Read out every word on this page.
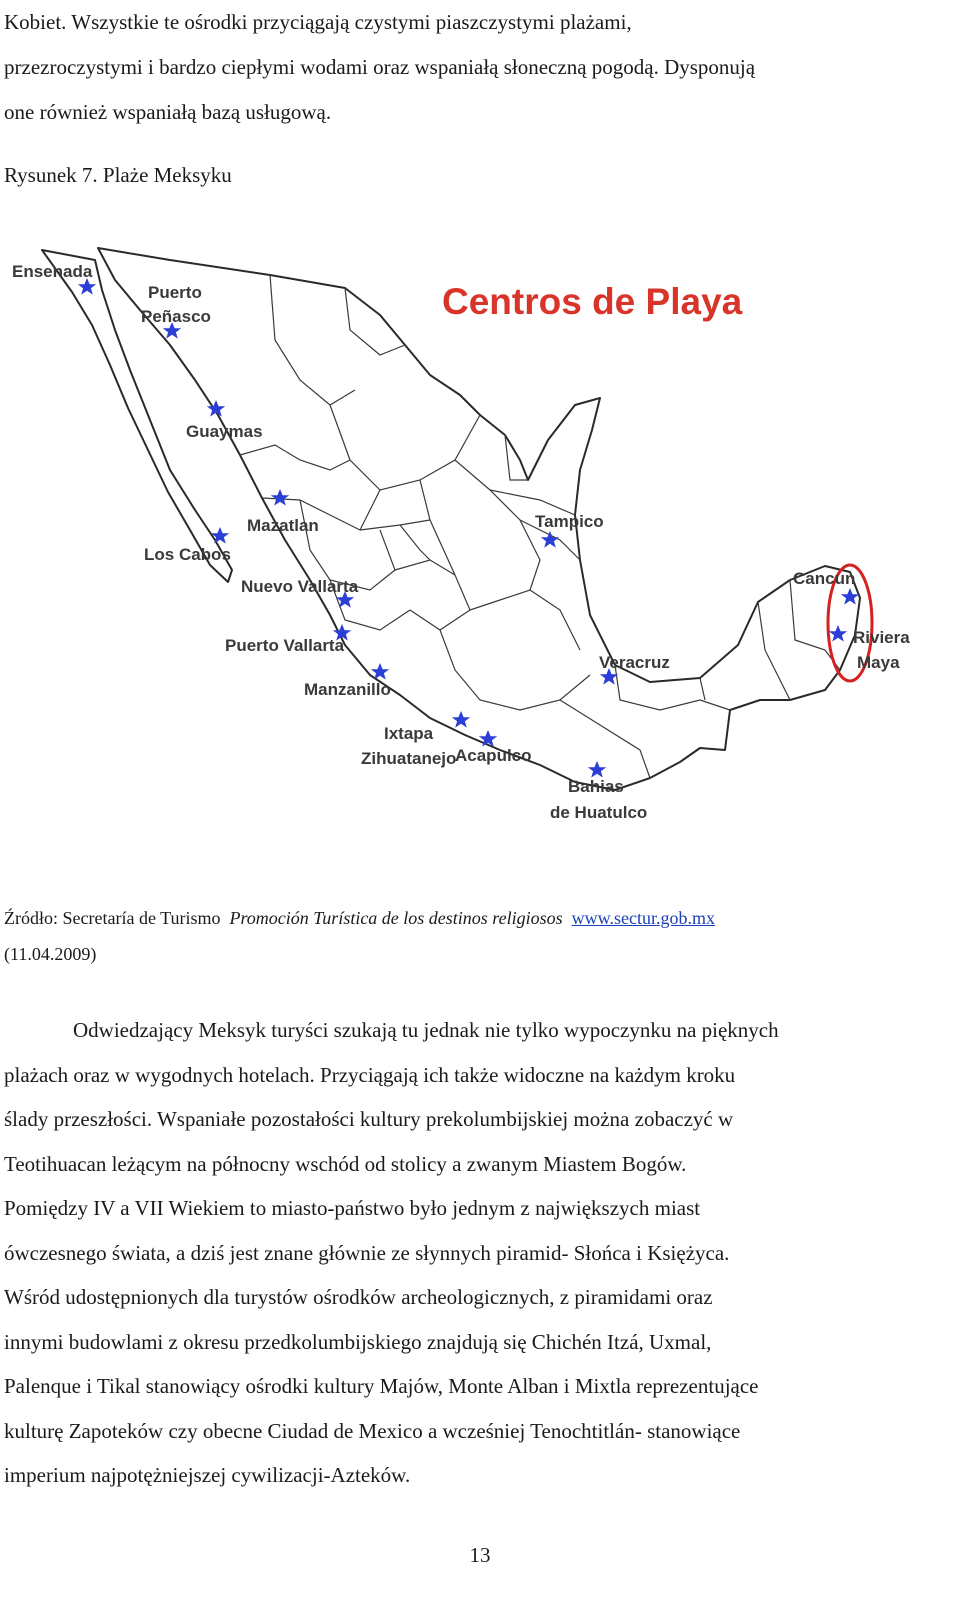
Kobiet. Wszystkie te ośrodki przyciągają czystymi piaszczystymi plażami,
przezroczystymi i bardzo ciepłymi wodami oraz wspaniałą słoneczną pogodą. Dysponują
one również wspaniałą bazą usługową.
Rysunek 7. Plaże Meksyku
Centros de Playa
Ensenada
Puerto
Peñasco
Guaymas
Mazatlan
Los Cabos
Nuevo Vallarta
Puerto Vallarta
Manzanillo
Ixtapa
Zihuatanejo
Acapulco
Bahias
de Huatulco
Veracruz
Tampico
Cancun
Riviera
Maya
Źródło: Secretaría de Turismo Promoción Turística de los destinos religiosos www.sectur.gob.mx
(11.04.2009)
Odwiedzający Meksyk turyści szukają tu jednak nie tylko wypoczynku na pięknych
plażach oraz w wygodnych hotelach. Przyciągają ich także widoczne na każdym kroku
ślady przeszłości. Wspaniałe pozostałości kultury prekolumbijskiej można zobaczyć w
Teotihuacan leżącym na północny wschód od stolicy a zwanym Miastem Bogów.
Pomiędzy IV a VII Wiekiem to miasto-państwo było jednym z największych miast
ówczesnego świata, a dziś jest znane głównie ze słynnych piramid- Słońca i Księżyca.
Wśród udostępnionych dla turystów ośrodków archeologicznych, z piramidami oraz
innymi budowlami z okresu przedkolumbijskiego znajdują się Chichén Itzá, Uxmal,
Palenque i Tikal stanowiący ośrodki kultury Majów, Monte Alban i Mixtla reprezentujące
kulturę Zapoteków czy obecne Ciudad de Mexico a wcześniej Tenochtitlán- stanowiące
imperium najpotężniejszej cywilizacji-Azteków.
13
